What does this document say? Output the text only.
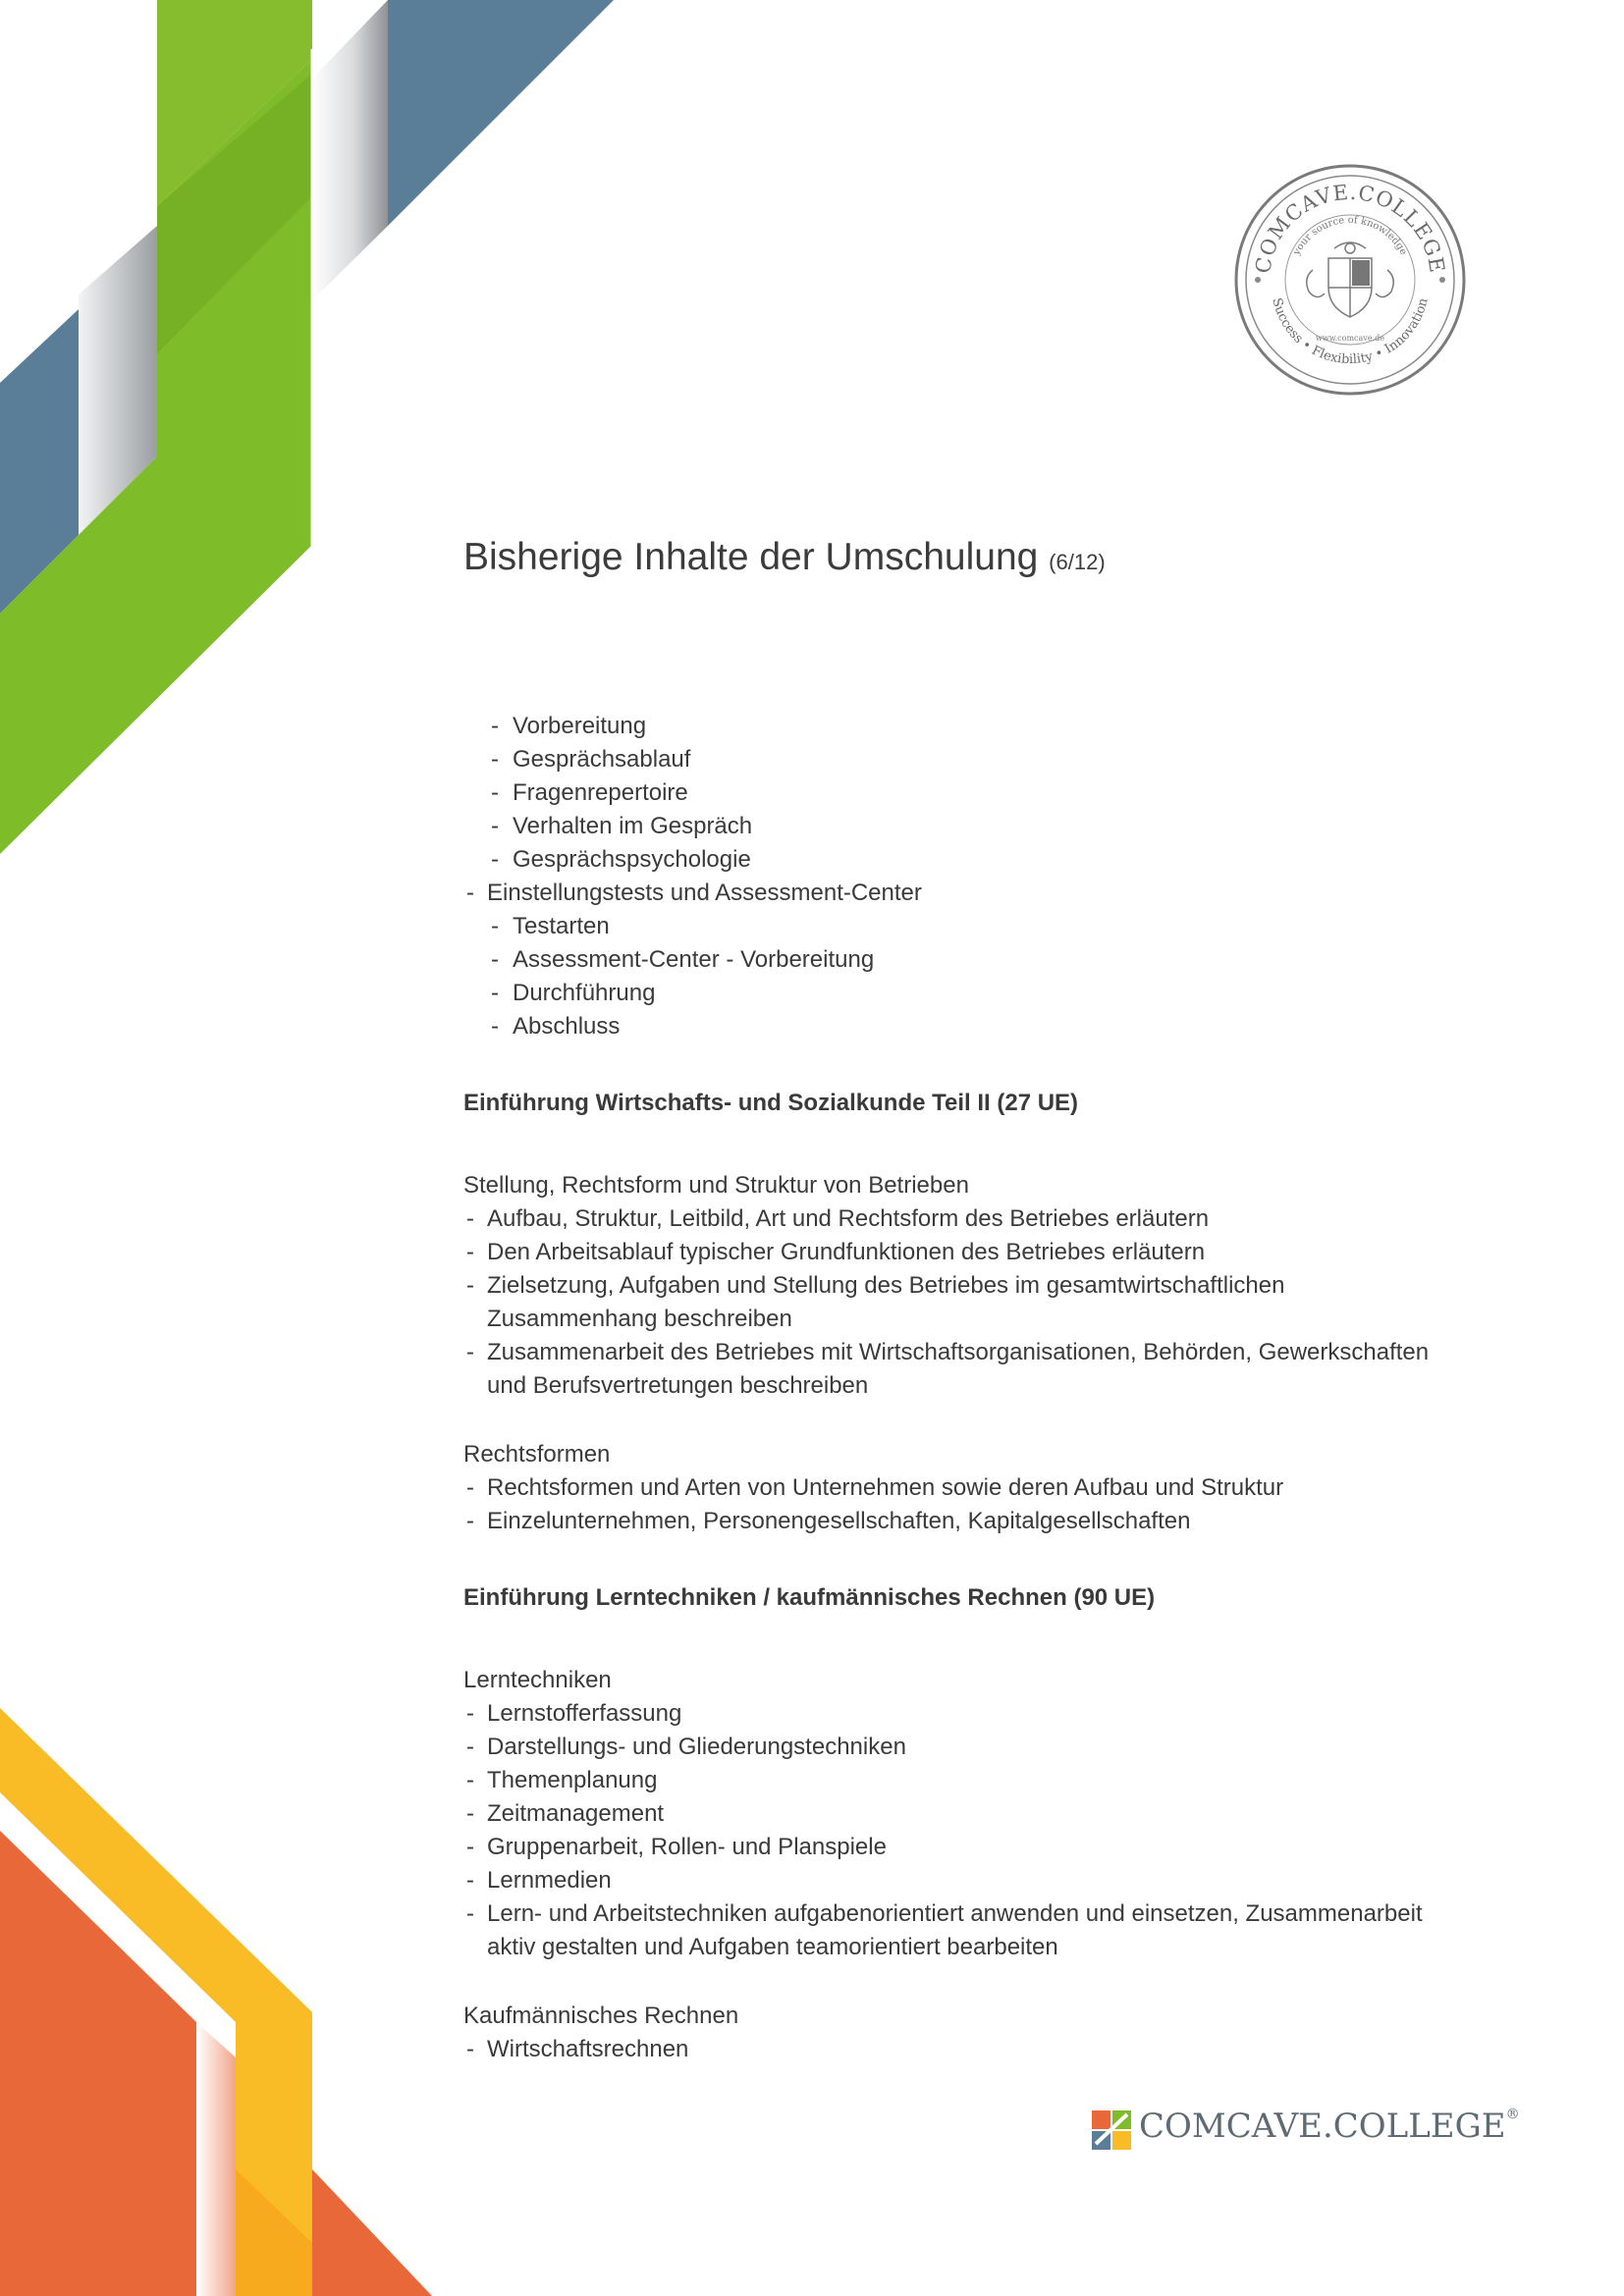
COMCAVE.COLLEGE
your source of knowledge
Success • Flexibility • Innovation
www.comcave.de
Bisherige Inhalte der Umschulung (6/12)
- Vorbereitung
- Gesprächsablauf
- Fragenrepertoire
- Verhalten im Gespräch
- Gesprächspsychologie
- Einstellungstests und Assessment-Center
- Testarten
- Assessment-Center - Vorbereitung
- Durchführung
- Abschluss
Einführung Wirtschafts- und Sozialkunde Teil II (27 UE)

Stellung, Rechtsform und Struktur von Betrieben

- Aufbau, Struktur, Leitbild, Art und Rechtsform des Betriebes erläutern
- Den Arbeitsablauf typischer Grundfunktionen des Betriebes erläutern
- Zielsetzung, Aufgaben und Stellung des Betriebes im gesamtwirtschaftlichen
Zusammenhang beschreiben
- Zusammenarbeit des Betriebes mit Wirtschaftsorganisationen, Behörden, Gewerkschaften
und Berufsvertretungen beschreiben

Rechtsformen

- Rechtsformen und Arten von Unternehmen sowie deren Aufbau und Struktur
- Einzelunternehmen, Personengesellschaften, Kapitalgesellschaften
Einführung Lerntechniken / kaufmännisches Rechnen (90 UE)

Lerntechniken

- Lernstofferfassung
- Darstellungs- und Gliederungstechniken
- Themenplanung
- Zeitmanagement
- Gruppenarbeit, Rollen- und Planspiele
- Lernmedien
- Lern- und Arbeitstechniken aufgabenorientiert anwenden und einsetzen, Zusammenarbeit
aktiv gestalten und Aufgaben teamorientiert bearbeiten

Kaufmännisches Rechnen

- Wirtschaftsrechnen
COMCAVE.COLLEGE®
